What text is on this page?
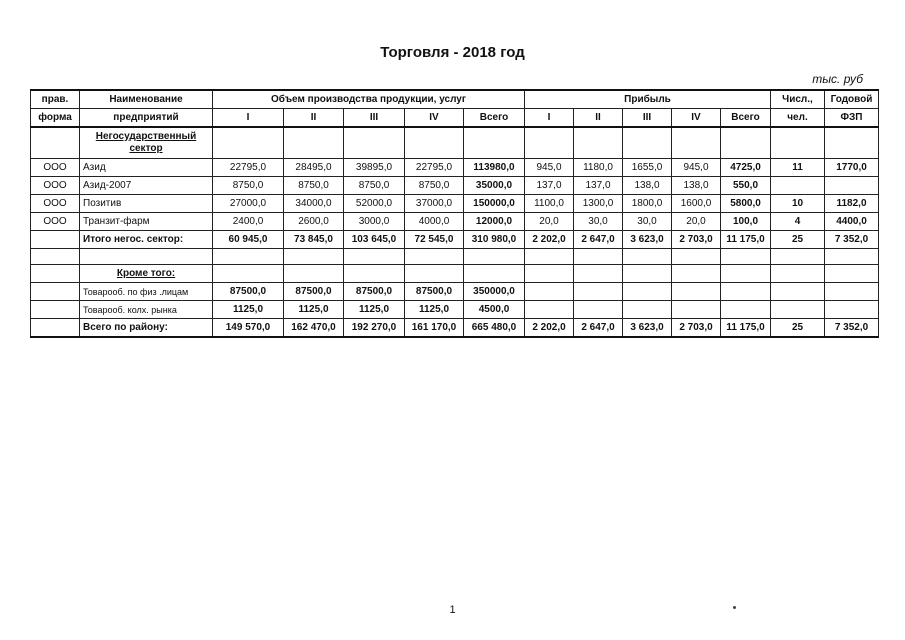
Торговля - 2018 год
тыс. руб
прав.	Наименование	Объем производства продукции, услуг					Прибыль					Числ.,	Годовой
форма	предприятий	I	II	III	IV	Всего	I	II	III	IV	Всего	чел.	ФЗП
	Негосударственный сектор												
ООО	Азид	22795,0	28495,0	39895,0	22795,0	113980,0	945,0	1180,0	1655,0	945,0	4725,0	11	1770,0
ООО	Азид-2007	8750,0	8750,0	8750,0	8750,0	35000,0	137,0	137,0	138,0	138,0	550,0		
ООО	Позитив	27000,0	34000,0	52000,0	37000,0	150000,0	1100,0	1300,0	1800,0	1600,0	5800,0	10	1182,0
ООО	Транзит-фарм	2400,0	2600,0	3000,0	4000,0	12000,0	20,0	30,0	30,0	20,0	100,0	4	4400,0
	Итого негос. сектор:	60 945,0	73 845,0	103 645,0	72 545,0	310 980,0	2 202,0	2 647,0	3 623,0	2 703,0	11 175,0	25	7 352,0

	Кроме того:												
	Товарооб. по физ .лицам	87500,0	87500,0	87500,0	87500,0	350000,0							
	Товарооб. колх. рынка	1125,0	1125,0	1125,0	1125,0	4500,0							
	Всего по району:	149 570,0	162 470,0	192 270,0	161 170,0	665 480,0	2 202,0	2 647,0	3 623,0	2 703,0	11 175,0	25	7 352,0
1
